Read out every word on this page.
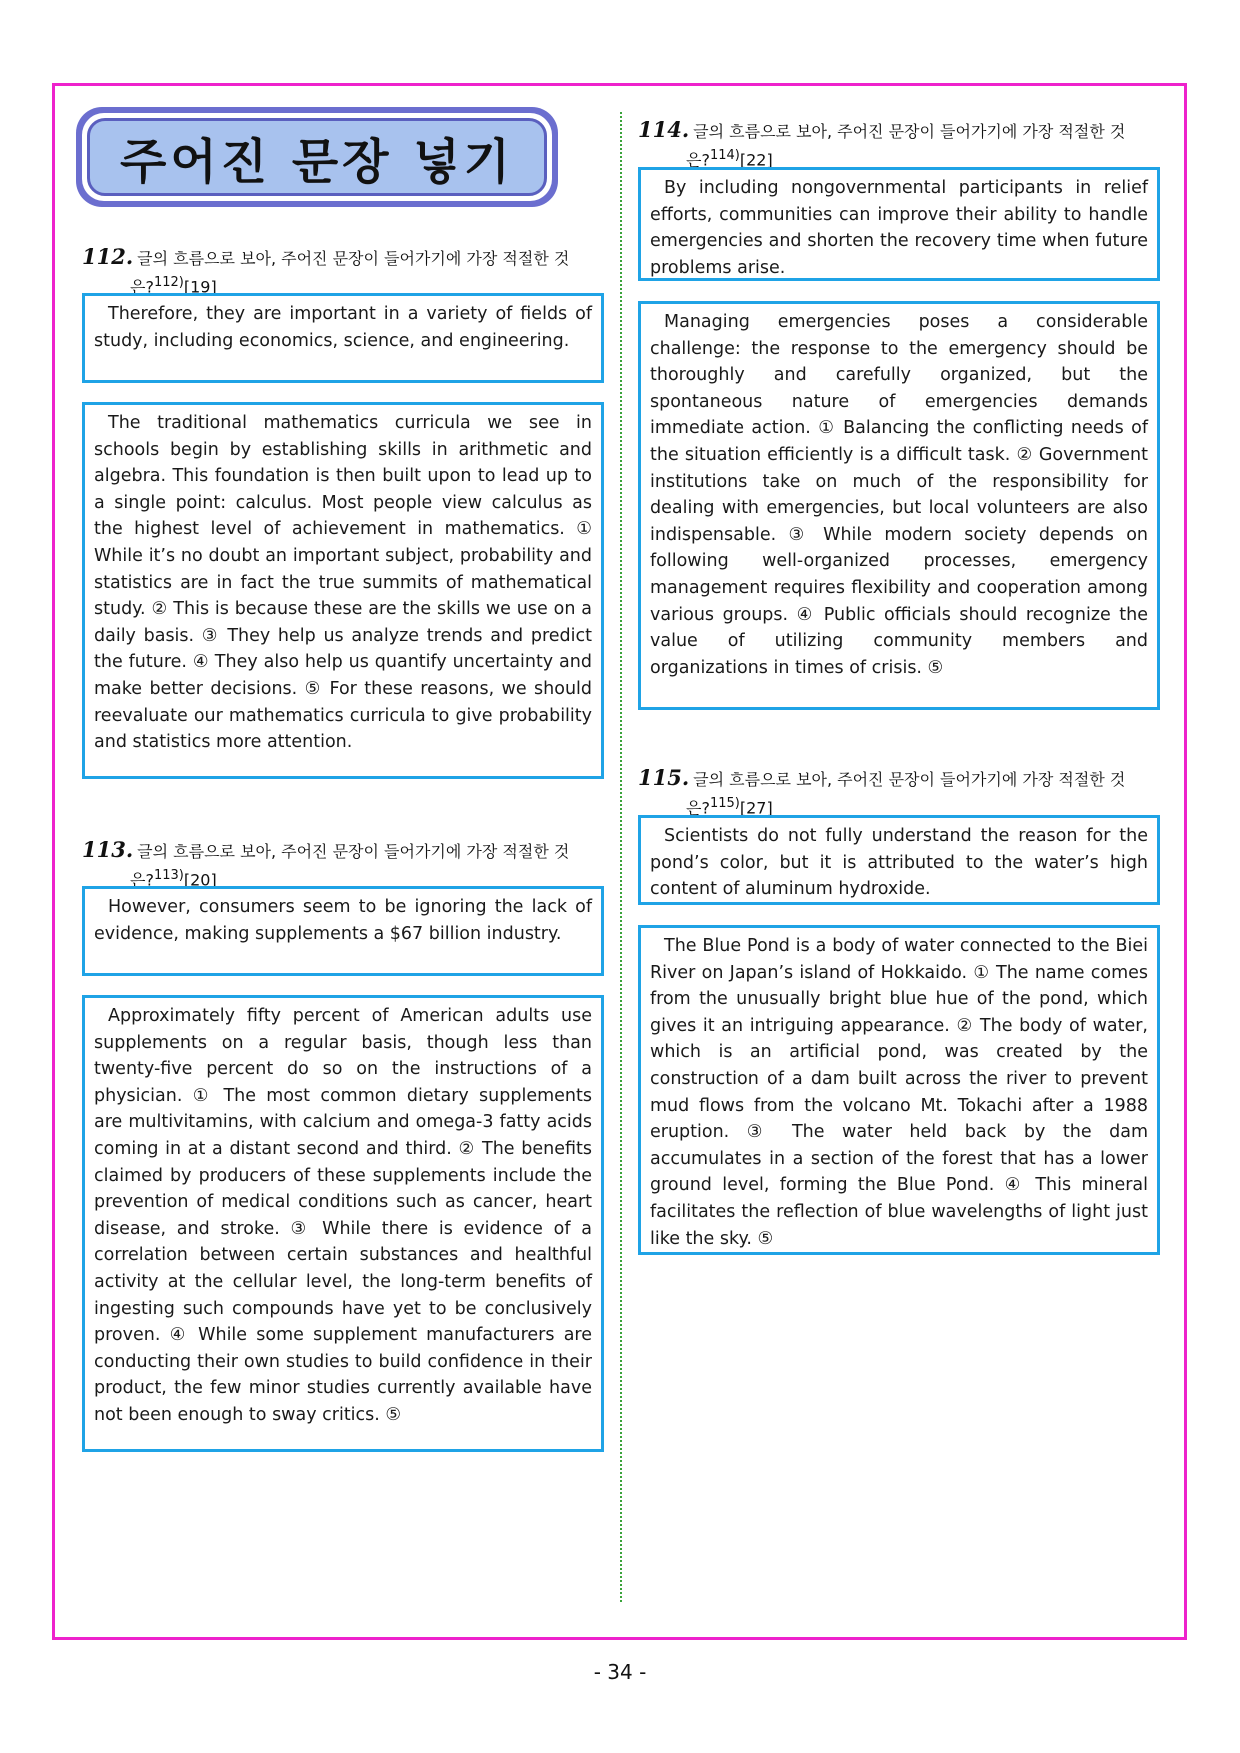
주어진 문장 넣기
112. 글의 흐름으로 보아, 주어진 문장이 들어가기에 가장 적절한 것
은?$^{112)}$[19]

Therefore, they are important in a variety of fields of study, including economics, science, and engineering.

The traditional mathematics curricula we see in schools begin by establishing skills in arithmetic and algebra. This foundation is then built upon to lead up to a single point: calculus. Most people view calculus as the highest level of achievement in mathematics. ① While it’s no doubt an important subject, probability and statistics are in fact the true summits of mathematical study. ② This is because these are the skills we use on a daily basis. ③ They help us analyze trends and predict the future. ④ They also help us quantify uncertainty and make better decisions. ⑤ For these reasons, we should reevaluate our mathematics curricula to give probability and statistics more attention.

113. 글의 흐름으로 보아, 주어진 문장이 들어가기에 가장 적절한 것
은?$^{113)}$[20]

However, consumers seem to be ignoring the lack of evidence, making supplements a $67 billion industry.

Approximately fifty percent of American adults use supplements on a regular basis, though less than twenty-five percent do so on the instructions of a physician. ① The most common dietary supplements are multivitamins, with calcium and omega-3 fatty acids coming in at a distant second and third. ② The benefits claimed by producers of these supplements include the prevention of medical conditions such as cancer, heart disease, and stroke. ③ While there is evidence of a correlation between certain substances and healthful activity at the cellular level, the long-term benefits of ingesting such compounds have yet to be conclusively proven. ④ While some supplement manufacturers are conducting their own studies to build confidence in their product, the few minor studies currently available have not been enough to sway critics. ⑤

114. 글의 흐름으로 보아, 주어진 문장이 들어가기에 가장 적절한 것
은?$^{114)}$[22]

By including nongovernmental participants in relief efforts, communities can improve their ability to handle emergencies and shorten the recovery time when future problems arise.

Managing emergencies poses a considerable challenge: the response to the emergency should be thoroughly and carefully organized, but the spontaneous nature of emergencies demands immediate action. ① Balancing the conflicting needs of the situation efficiently is a difficult task. ② Government institutions take on much of the responsibility for dealing with emergencies, but local volunteers are also indispensable. ③ While modern society depends on following well-organized processes, emergency management requires flexibility and cooperation among various groups. ④ Public officials should recognize the value of utilizing community members and organizations in times of crisis. ⑤

115. 글의 흐름으로 보아, 주어진 문장이 들어가기에 가장 적절한 것
은?$^{115)}$[27]

Scientists do not fully understand the reason for the pond’s color, but it is attributed to the water’s high content of aluminum hydroxide.

The Blue Pond is a body of water connected to the Biei River on Japan’s island of Hokkaido. ① The name comes from the unusually bright blue hue of the pond, which gives it an intriguing appearance. ② The body of water, which is an artificial pond, was created by the construction of a dam built across the river to prevent mud flows from the volcano Mt. Tokachi after a 1988 eruption. ③ The water held back by the dam accumulates in a section of the forest that has a lower ground level, forming the Blue Pond. ④ This mineral facilitates the reflection of blue wavelengths of light just like the sky. ⑤

- 34 -
